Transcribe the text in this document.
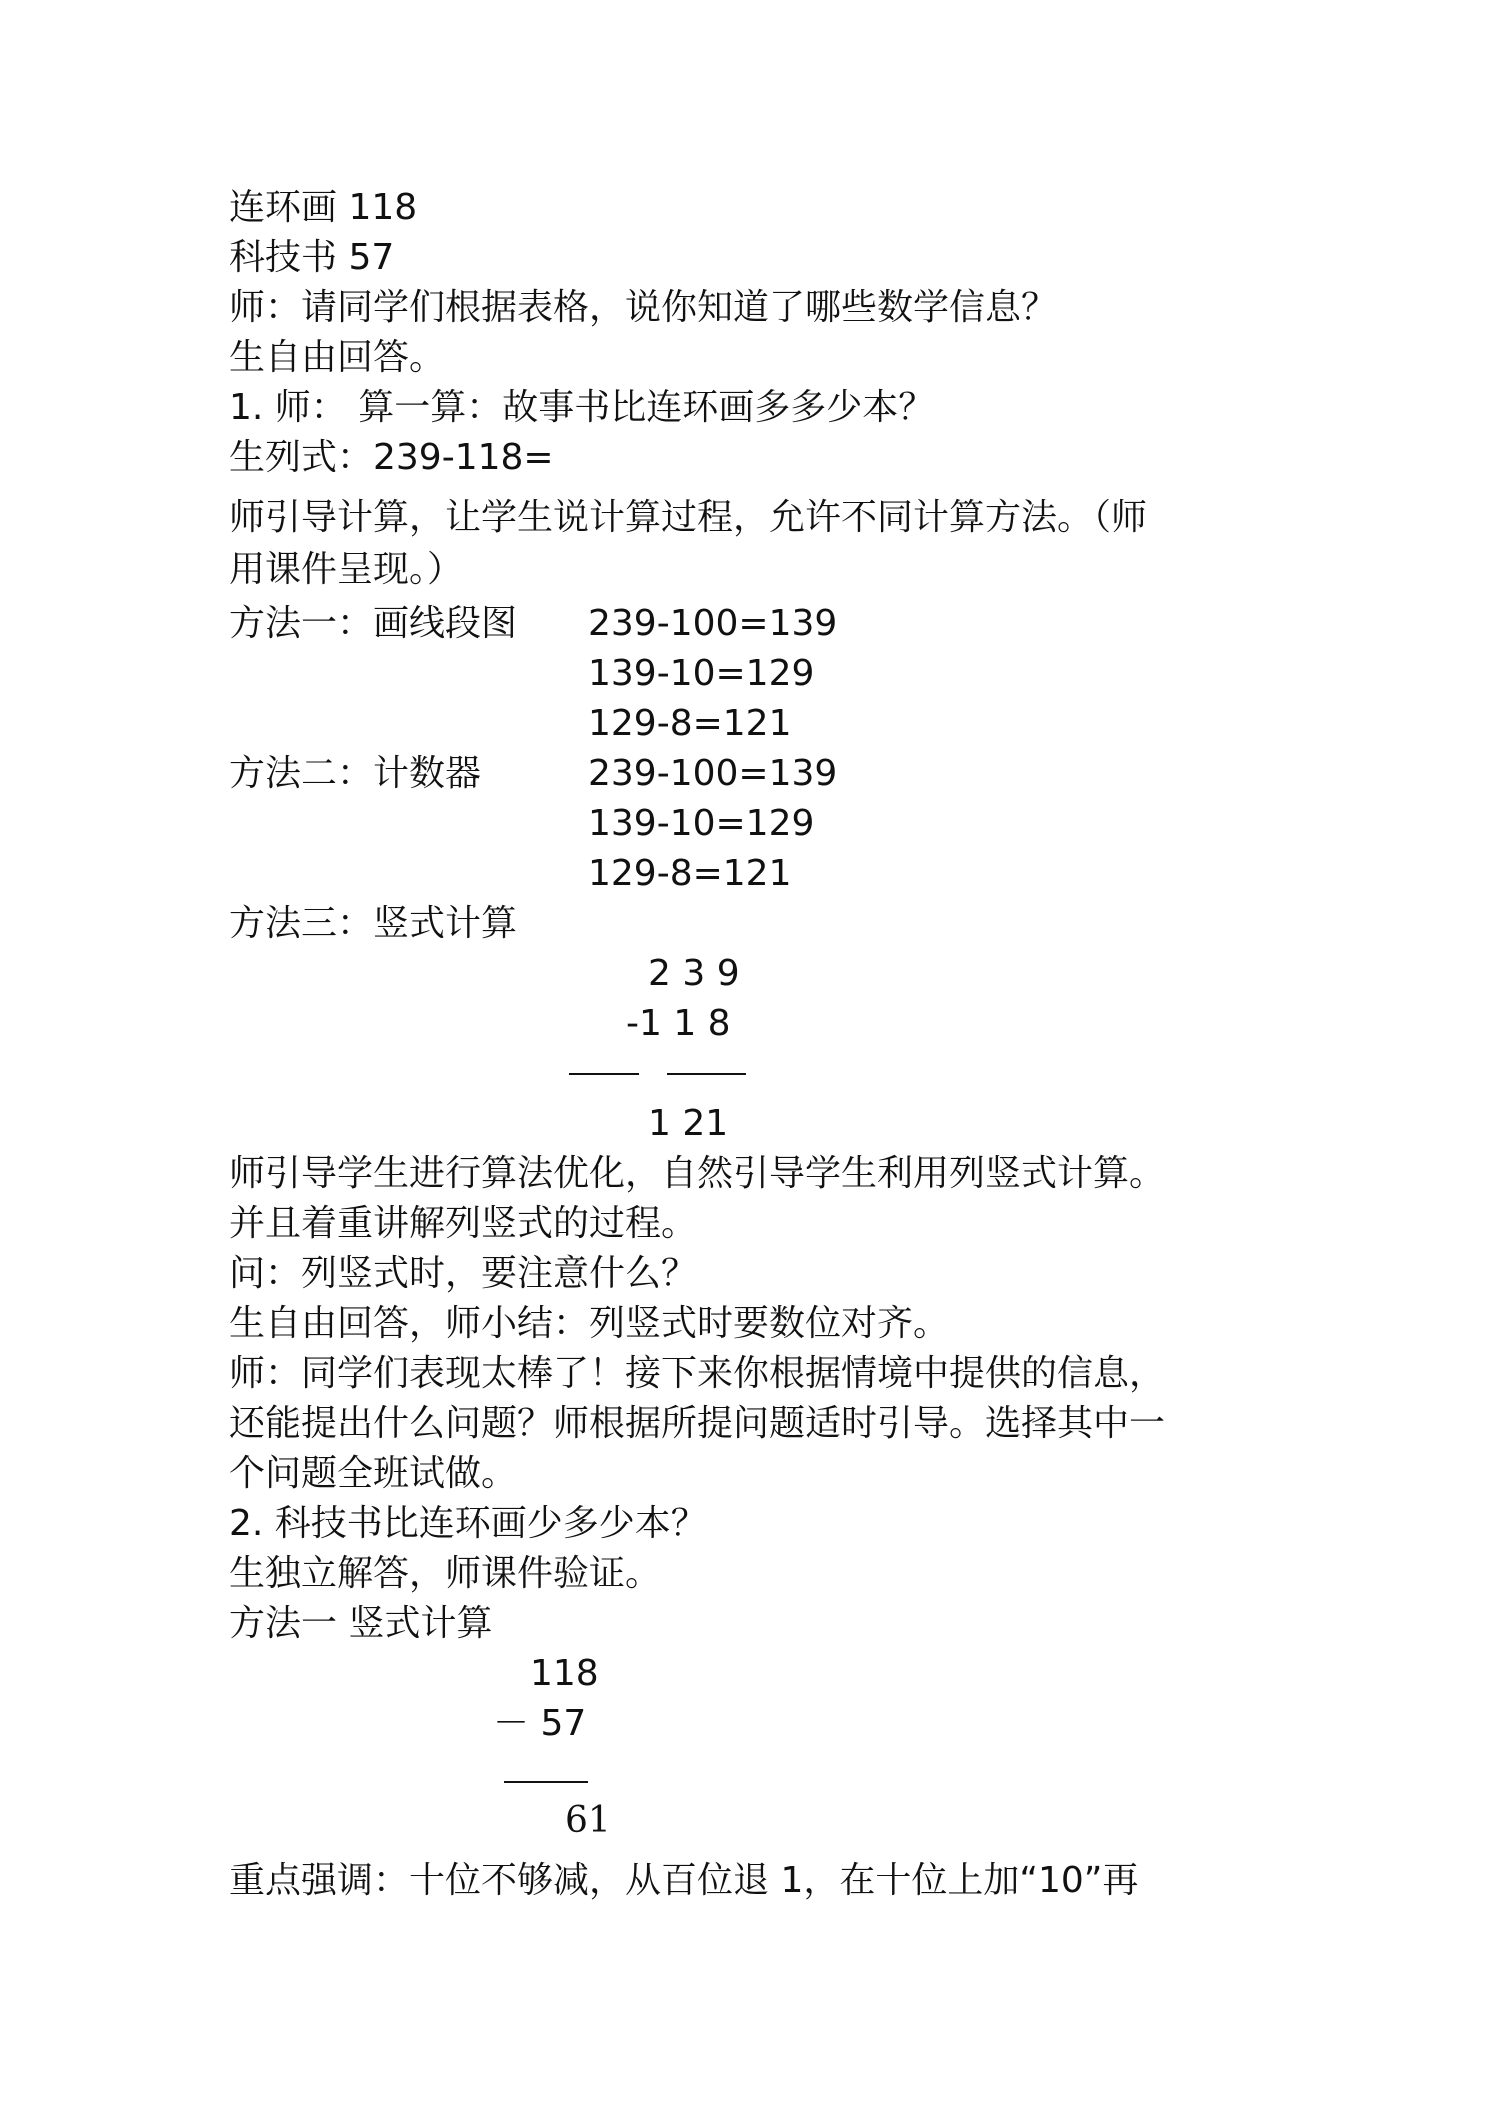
连环画 118
科技书 57
师：请同学们根据表格，说你知道了哪些数学信息？
生自由回答。
1. 师： 算一算：故事书比连环画多多少本？
生列式：239-118=
师引导计算，让学生说计算过程，允许不同计算方法。（师
用课件呈现。）
方法一：画线段图 239-100=139
139-10=129
129-8=121
方法二：计数器	239-100=139
139-10=129
129-8=121
方法三：竖式计算
2 3 9
-1 1 8
1 21
师引导学生进行算法优化，自然引导学生利用列竖式计算。
并且着重讲解列竖式的过程。
问：列竖式时，要注意什么？
生自由回答，师小结：列竖式时要数位对齐。
师：同学们表现太棒了！接下来你根据情境中提供的信息，
还能提出什么问题？师根据所提问题适时引导。选择其中一
个问题全班试做。
2. 科技书比连环画少多少本？
生独立解答，师课件验证。
方法一 竖式计算
118
－ 57
61
重点强调：十位不够减，从百位退 1，在十位上加“10”再
